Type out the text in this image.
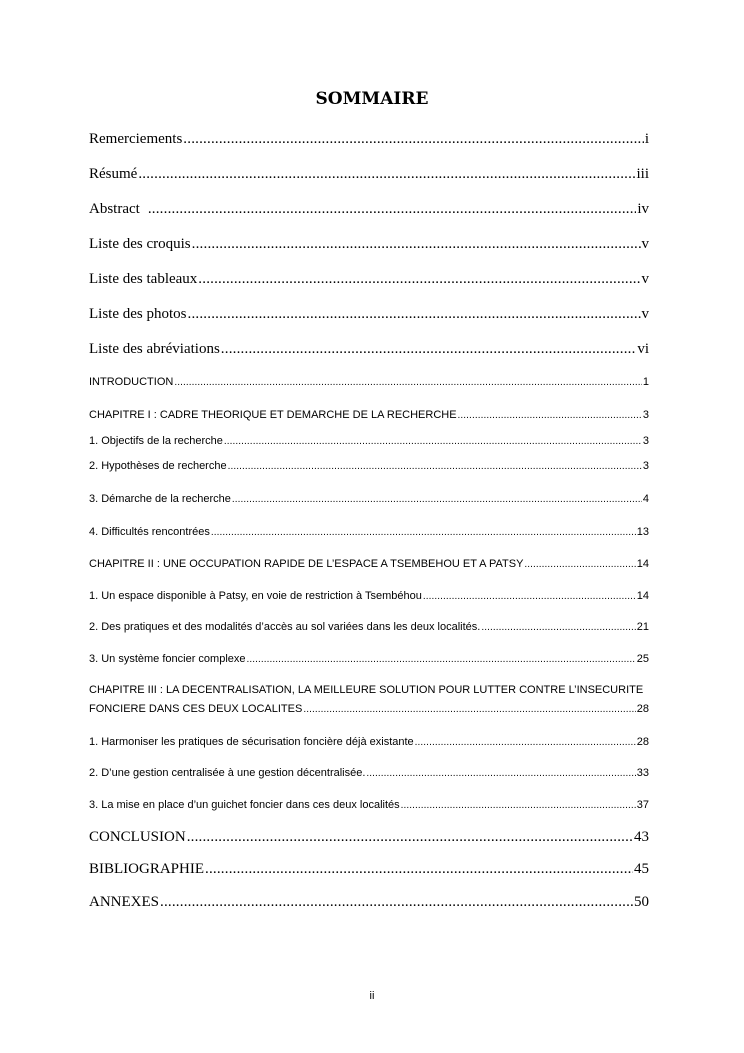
SOMMAIRE
Remerciements .....	i
Résumé .....	iii
Abstract .....	iv
Liste des croquis .....	v
Liste des tableaux .....	v
Liste des photos .....	v
Liste des abréviations .....	vi
INTRODUCTION .....	1
CHAPITRE I : CADRE THEORIQUE ET DEMARCHE DE LA RECHERCHE .....	3
1. Objectifs de la recherche .....	3
2. Hypothèses de recherche .....	3
3. Démarche de la recherche .....	4
4. Difficultés rencontrées .....	13
CHAPITRE II : UNE OCCUPATION RAPIDE DE L’ESPACE A TSEMBEHOU ET A PATSY .....	14
1. Un espace disponible à Patsy, en voie de restriction à Tsembéhou .....	14
2. Des pratiques et des modalités d’accès au sol variées dans les deux localités. .....	21
3. Un système foncier complexe .....	25
CHAPITRE III : LA DECENTRALISATION, LA MEILLEURE SOLUTION POUR LUTTER CONTRE L’INSECURITE
FONCIERE DANS CES DEUX LOCALITES .....	28
1. Harmoniser les pratiques de sécurisation foncière déjà existante .....	28
2. D’une gestion centralisée à une gestion décentralisée. .....	33
3. La mise en place d’un guichet foncier dans ces deux localités .....	37
CONCLUSION .....	43
BIBLIOGRAPHIE .....	45
ANNEXES .....	50
ii
